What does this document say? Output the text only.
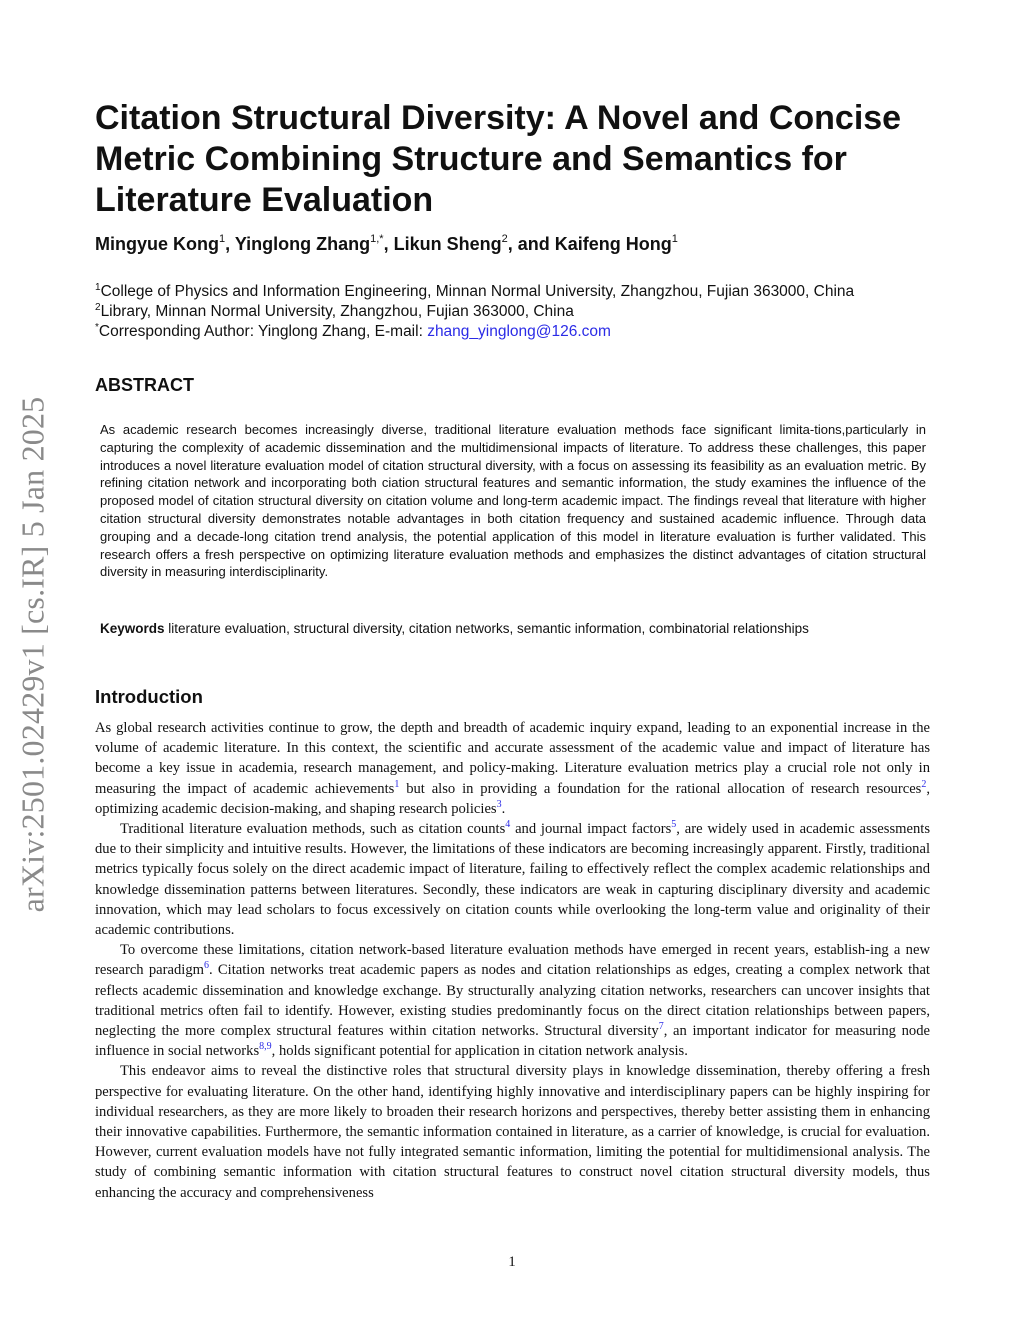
arXiv:2501.02429v1 [cs.IR] 5 Jan 2025
Citation Structural Diversity: A Novel and Concise Metric Combining Structure and Semantics for Literature Evaluation
Mingyue Kong$^1$, Yinglong Zhang$^{1,*}$, Likun Sheng$^2$, and Kaifeng Hong$^1$
$^1$College of Physics and Information Engineering, Minnan Normal University, Zhangzhou, Fujian 363000, China
$^2$Library, Minnan Normal University, Zhangzhou, Fujian 363000, China
*Corresponding Author: Yinglong Zhang, E-mail: zhang_yinglong@126.com
ABSTRACT

As academic research becomes increasingly diverse, traditional literature evaluation methods face significant limita-tions,particularly in capturing the complexity of academic dissemination and the multidimensional impacts of literature. To address these challenges, this paper introduces a novel literature evaluation model of citation structural diversity, with a focus on assessing its feasibility as an evaluation metric. By refining citation network and incorporating both ciation structural features and semantic information, the study examines the influence of the proposed model of citation structural diversity on citation volume and long-term academic impact. The findings reveal that literature with higher citation structural diversity demonstrates notable advantages in both citation frequency and sustained academic influence. Through data grouping and a decade-long citation trend analysis, the potential application of this model in literature evaluation is further validated. This research offers a fresh perspective on optimizing literature evaluation methods and emphasizes the distinct advantages of citation structural diversity in measuring interdisciplinarity.

Keywords literature evaluation, structural diversity, citation networks, semantic information, combinatorial relationships
Introduction

As global research activities continue to grow, the depth and breadth of academic inquiry expand, leading to an exponential increase in the volume of academic literature. In this context, the scientific and accurate assessment of the academic value and impact of literature has become a key issue in academia, research management, and policy-making. Literature evaluation metrics play a crucial role not only in measuring the impact of academic achievements$^1$ but also in providing a foundation for the rational allocation of research resources$^2$, optimizing academic decision-making, and shaping research policies$^3$.

Traditional literature evaluation methods, such as citation counts$^4$ and journal impact factors$^5$, are widely used in academic assessments due to their simplicity and intuitive results. However, the limitations of these indicators are becoming increasingly apparent. Firstly, traditional metrics typically focus solely on the direct academic impact of literature, failing to effectively reflect the complex academic relationships and knowledge dissemination patterns between literatures. Secondly, these indicators are weak in capturing disciplinary diversity and academic innovation, which may lead scholars to focus excessively on citation counts while overlooking the long-term value and originality of their academic contributions.

To overcome these limitations, citation network-based literature evaluation methods have emerged in recent years, establish-ing a new research paradigm$^6$. Citation networks treat academic papers as nodes and citation relationships as edges, creating a complex network that reflects academic dissemination and knowledge exchange. By structurally analyzing citation networks, researchers can uncover insights that traditional metrics often fail to identify. However, existing studies predominantly focus on the direct citation relationships between papers, neglecting the more complex structural features within citation networks. Structural diversity$^7$, an important indicator for measuring node influence in social networks$^{8,9}$, holds significant potential for application in citation network analysis.

This endeavor aims to reveal the distinctive roles that structural diversity plays in knowledge dissemination, thereby offering a fresh perspective for evaluating literature. On the other hand, identifying highly innovative and interdisciplinary papers can be highly inspiring for individual researchers, as they are more likely to broaden their research horizons and perspectives, thereby better assisting them in enhancing their innovative capabilities. Furthermore, the semantic information contained in literature, as a carrier of knowledge, is crucial for evaluation. However, current evaluation models have not fully integrated semantic information, limiting the potential for multidimensional analysis. The study of combining semantic information with citation structural features to construct novel citation structural diversity models, thus enhancing the accuracy and comprehensiveness

1
